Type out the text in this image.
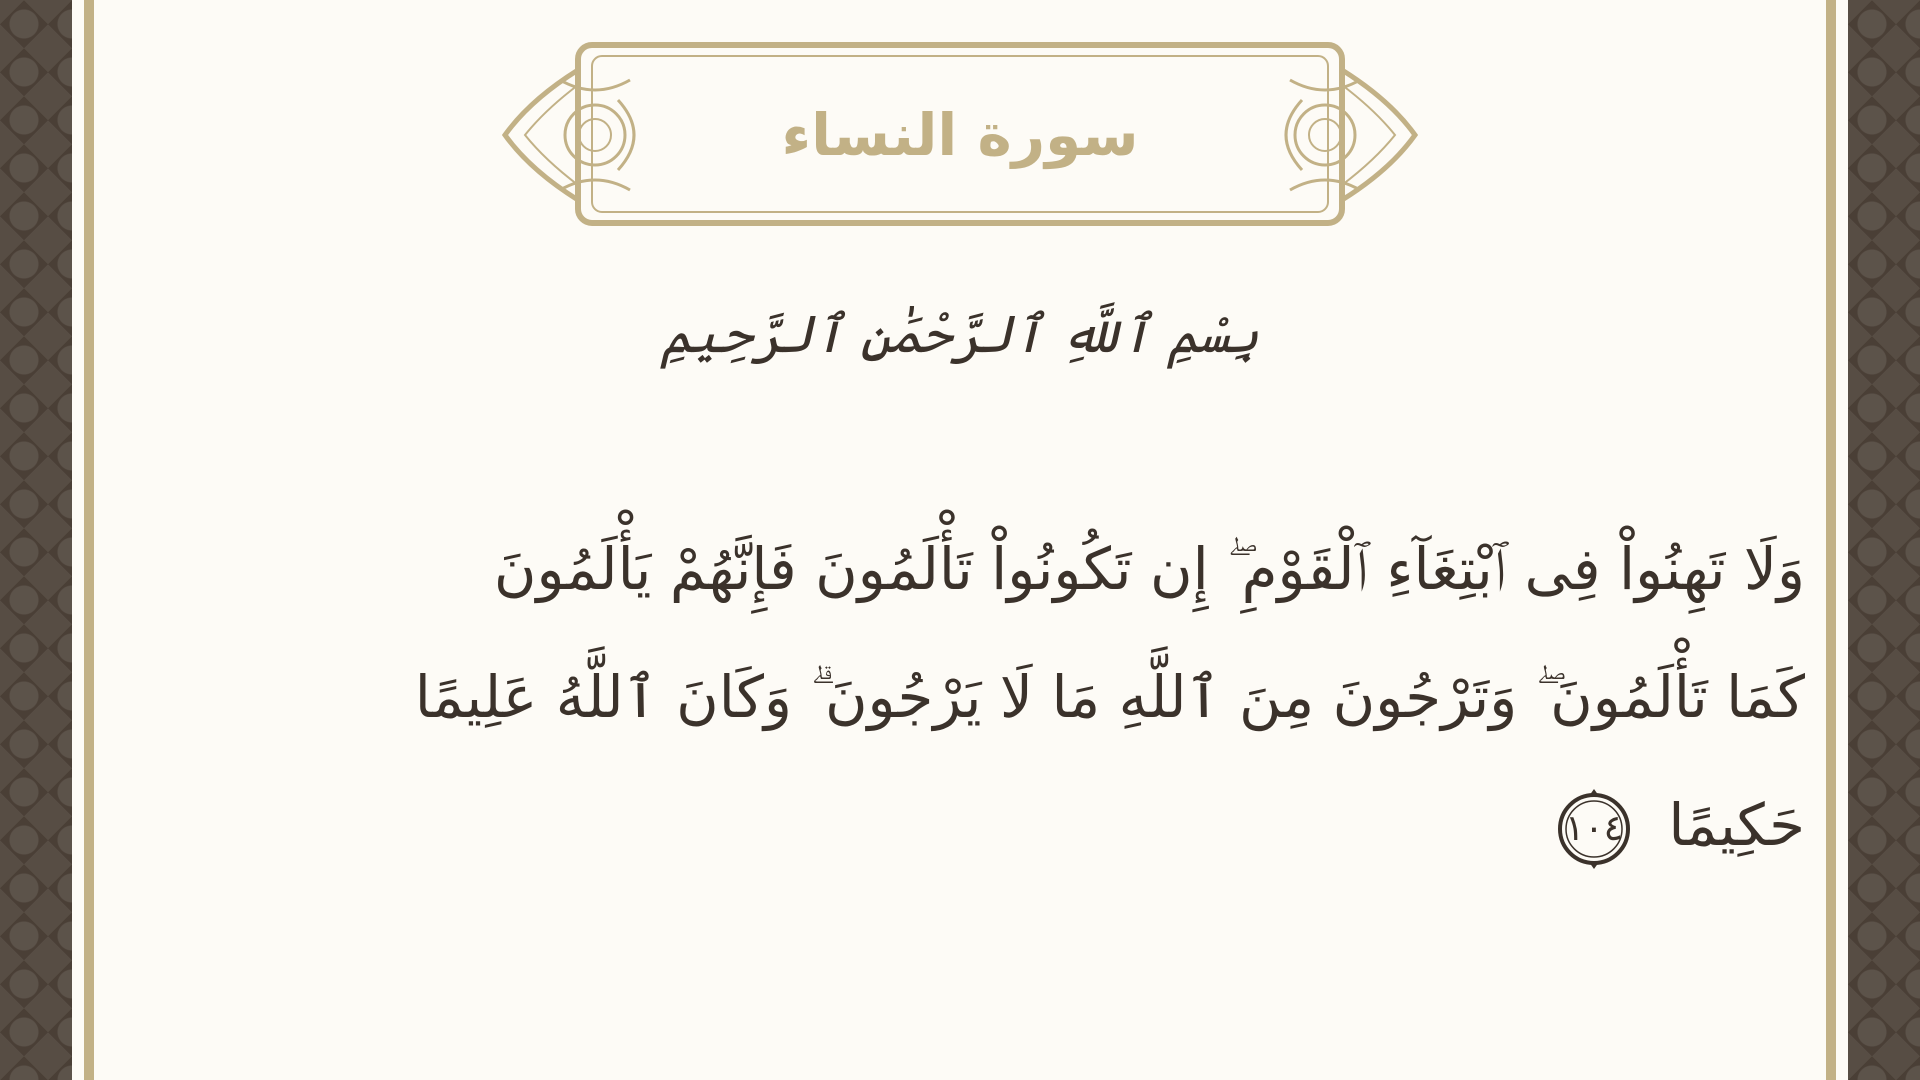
سورة النساء
بِسْمِ ٱللَّهِ ٱلرَّحْمَٰنِ ٱلرَّحِيمِ
وَلَا تَهِنُواْ فِى ٱبْتِغَآءِ ٱلْقَوْمِ ۖ إِن تَكُونُواْ تَأْلَمُونَ فَإِنَّهُمْ يَأْلَمُونَ
كَمَا تَأْلَمُونَ ۖ وَتَرْجُونَ مِنَ ٱللَّهِ مَا لَا يَرْجُونَ ۗ وَكَانَ ٱللَّهُ عَلِيمًا
حَكِيمًا
١٠٤
